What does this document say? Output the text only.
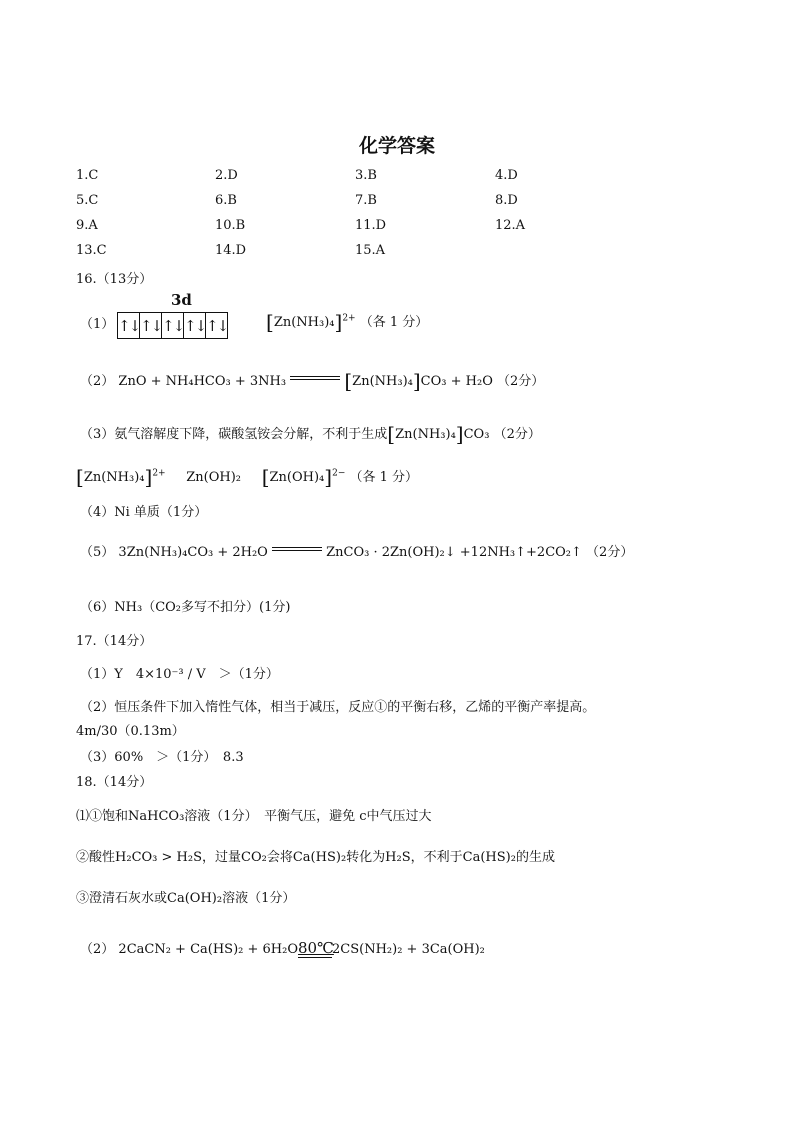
化学答案
1.C	2.D	3.B	4.D
5.C	6.B	7.B	8.D
9.A	10.B	11.D	12.A
13.C	14.D	15.A
16.（13分）
3d
（1） ↑↓ ↑↓ ↑↓ ↑↓ ↑↓ $[Zn(NH_3)_4]^{2+}$ （各 1 分）
（2） ZnO + NH₄HCO₃ + 3NH₃	[Zn(NH₃)₄]CO₃ + H₂O （2分）
（3）氨气溶解度下降，碳酸氢铵会分解，不利于生成[Zn(NH₃)₄]CO₃ （2分）
$[Zn(NH_3)_4]^{2+}$ Zn(OH)₂ $[Zn(OH)_4]^{2-}$ （各 1 分）
（4）Ni 单质（1分）
（5） 3Zn(NH₃)₄CO₃ + 2H₂O	ZnCO₃ · 2Zn(OH)₂↓ +12NH₃↑+2CO₂↑ （2分）
（6）NH₃（CO₂多写不扣分）(1分)
17.（14分）
（1）Y　4×10⁻³ / V　＞（1分）
（2）恒压条件下加入惰性气体，相当于减压，反应①的平衡右移，乙烯的平衡产率提高。
4m/30（0.13m）
（3）60%　＞（1分）　8.3
18.（14分）
⑴①饱和NaHCO₃溶液（1分）　平衡气压，避免 c中气压过大
②酸性H₂CO₃ > H₂S，过量CO₂会将Ca(HS)₂转化为H₂S，不利于Ca(HS)₂的生成
③澄清石灰水或Ca(OH)₂溶液（1分）
（2） 2CaCN₂ + Ca(HS)₂ + 6H₂O 80℃
2CS(NH₂)₂ + 3Ca(OH)₂
